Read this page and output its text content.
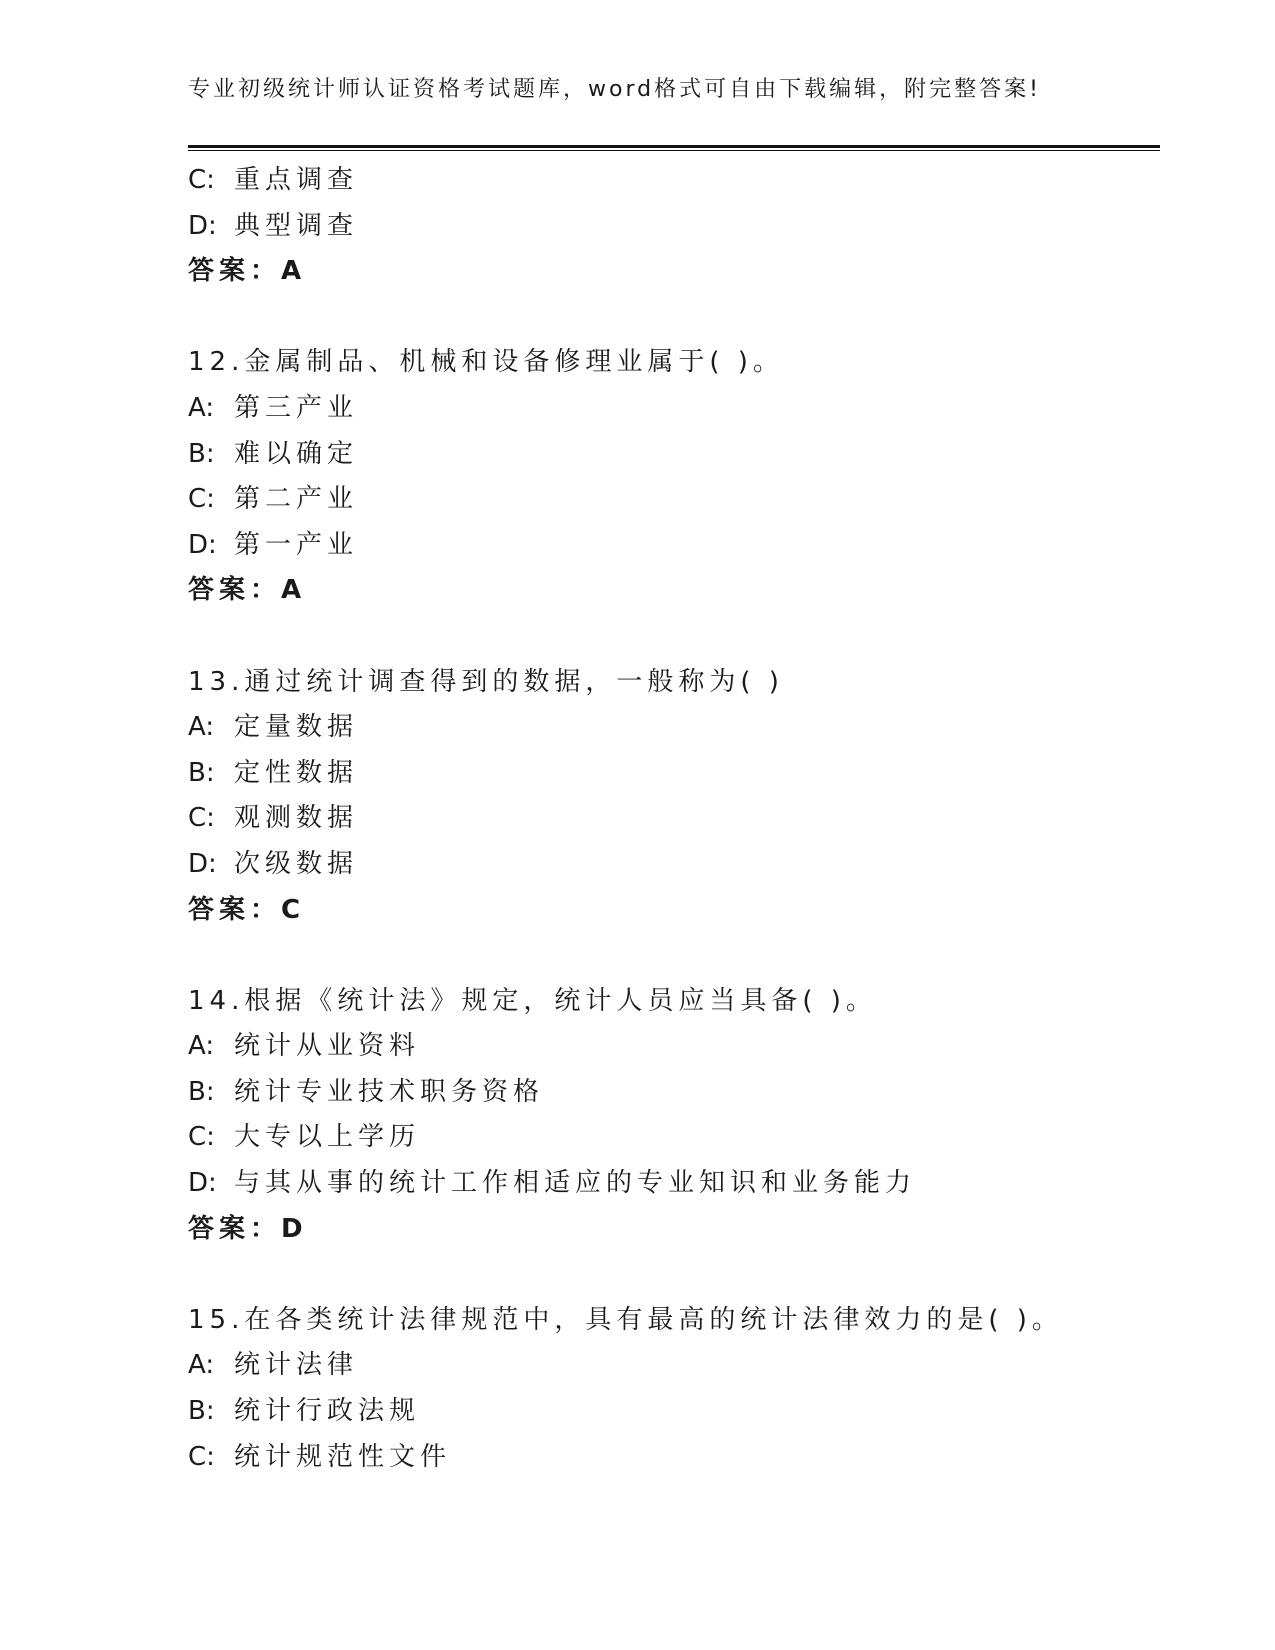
专业初级统计师认证资格考试题库，word格式可自由下载编辑，附完整答案!
C: 重点调查
D: 典型调查
答案：A
12.金属制品、机械和设备修理业属于( )。
A: 第三产业
B: 难以确定
C: 第二产业
D: 第一产业
答案：A
13.通过统计调查得到的数据，一般称为( )
A: 定量数据
B: 定性数据
C: 观测数据
D: 次级数据
答案：C
14.根据《统计法》规定，统计人员应当具备( )。
A: 统计从业资料
B: 统计专业技术职务资格
C: 大专以上学历
D: 与其从事的统计工作相适应的专业知识和业务能力
答案：D
15.在各类统计法律规范中，具有最高的统计法律效力的是( )。
A: 统计法律
B: 统计行政法规
C: 统计规范性文件
